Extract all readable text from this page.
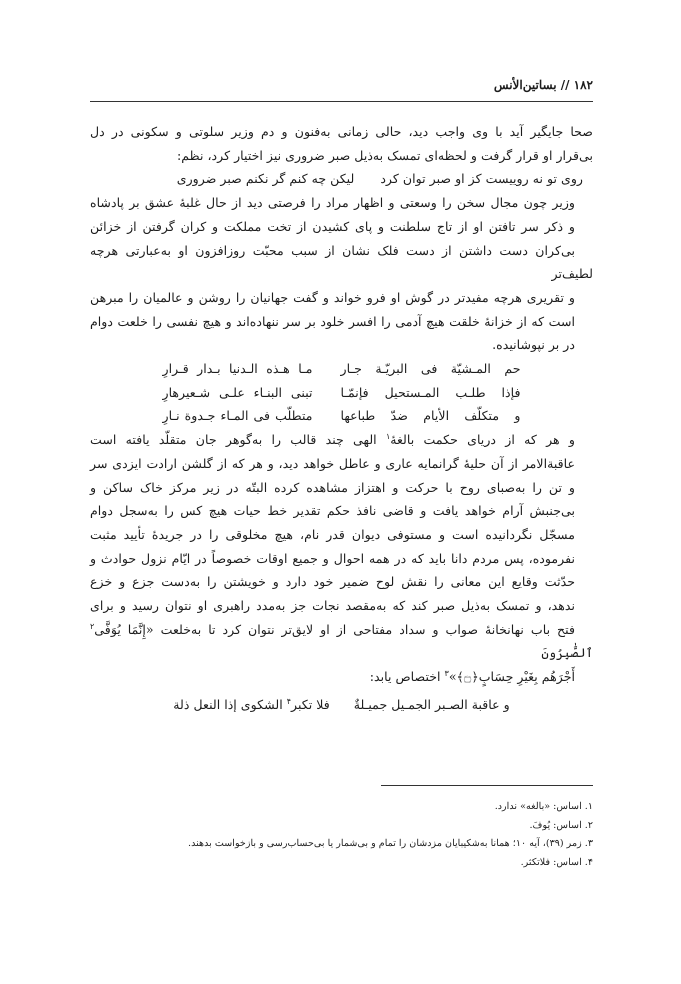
۱۸۲ // بساتین‌الأنس

صحا جایگیر آید با وی واجب دید، حالی زمانی به‌فنون و دم وزیر سلوتی و سکونی در دل
بی‌قرار او قرار گرفت و لحظه‌ای تمسک به‌ذیل صبر ضروری نیز اختیار کرد، نظم:

روی تو نه روییست کز او صبر توان کردلیکن چه کنم گر نکنم صبر ضروری

وزیر چون مجال سخن را وسعتی و اظهار مراد را فرصتی دید از حال غلبهٔ عشق بر پادشاه
و ذکر سر تافتن او از تاج سلطنت و پای کشیدن از تخت مملکت و کران گرفتن از خزائن
بی‌کران دست داشتن از دست فلک نشان از سبب محبّت روزافزون او به‌عبارتی هرچه لطیف‌تر
و تقریری هرچه مفیدتر در گوش او فرو خواند و گفت جهانیان را روشن و عالمیان را مبرهن
است که از خزانهٔ خلقت هیچ آدمی را افسر خلود بر سر ننهاده‌اند و هیچ نفسی را خلعت دوام
در بر نپوشانیده.

حم المـشیّة فی البریّـة جـار
مـا هـذه الـدنیا بـدار قـرارِ
فإذا طلـب المـستحیل فإنمّـا
تبنی البنـاء علـی شـعیرهارِ
و متکلّف الأیام ضدّ طباعها
متطلّب فی المـاء جـدوة نـارِ

و هر که از دریای حکمت بالغهٔ$^۱$ الهی چند قالب را به‌گوهر جان متقلّد یافته است
عاقبةالامر از آن حلیهٔ گرانمایه عاری و عاطل خواهد دید، و هر که از گلشن ارادت ایزدی سر
و تن را به‌صبای روح با حرکت و اهتزاز مشاهده کرده البتّه در زیر مرکز خاک ساکن و
بی‌جنبش آرام خواهد یافت و قاضی نافذ حکم تقدیر خط حیات هیچ کس را به‌سجل دوام
مسجّل نگردانیده است و مستوفی دیوان قدر نام، هیچ مخلوقی را در جریدهٔ تأیید مثبت
نفرموده، پس مردم دانا باید که در همه احوال و جمیع اوقات خصوصاً در ایّام نزول حوادث و
حدّثت وقایع این معانی را نقش لوح ضمیر خود دارد و خویشتن را به‌دست جزع و خزع
ندهد، و تمسک به‌ذیل صبر کند که به‌مقصد نجات جز به‌مدد راهبری او نتوان رسید و برای
فتح باب نهانخانهٔ صواب و سداد مفتاحی از او لایق‌تر نتوان کرد تا به‌خلعت «إِنَّمَا يُوَفَّى$^۲$ ٱلصَّٰبِرُونَ
أَجْرَهُم بِغَيْرِ حِسَابٍ﴿۝﴾»$^۳$ اختصاص یابد:

و عاقبة الصـبر الجمـیل جمیـلةٌفلا تکبر$^۴$ الشکوی إذا النعل ذلة
۱. اساس: «بالغه» ندارد.
۲. اساس: یُوفَ.
۳. زمر (۳۹)، آیه ۱۰؛ همانا به‌شکیبایان مزدشان را تمام و بی‌شمار یا بی‌حساب‌رسی و بازخواست بدهند.
۴. اساس: فلاتکثر.
